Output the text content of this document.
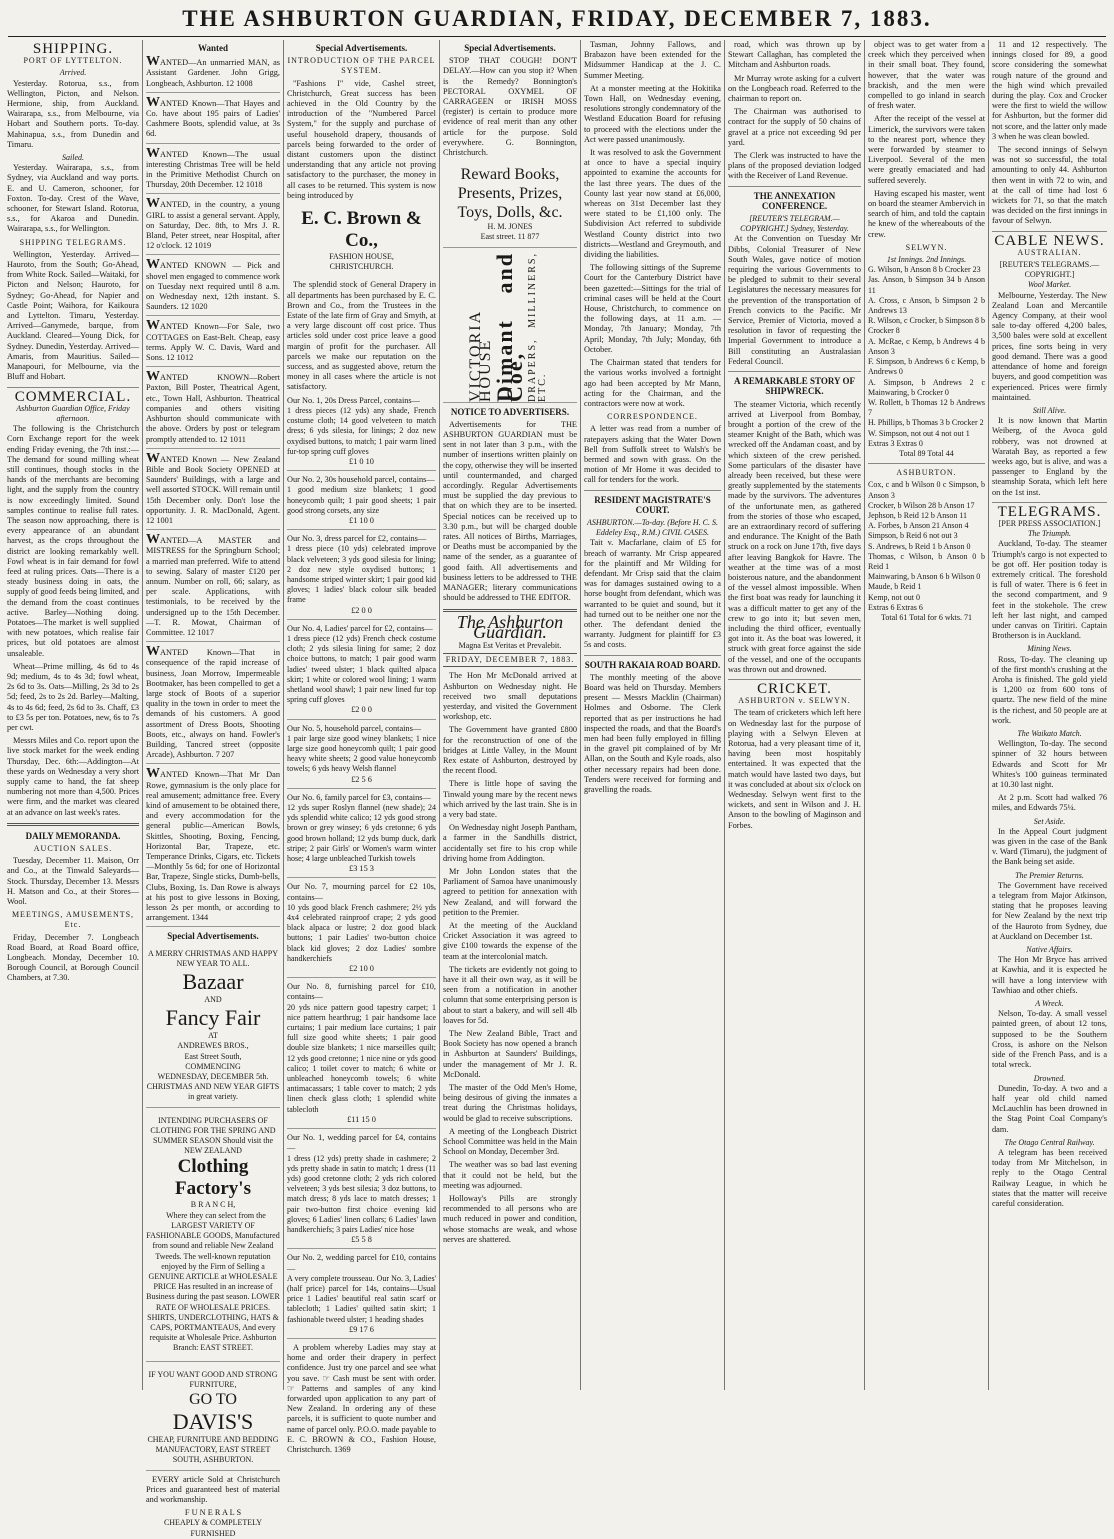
THE ASHBURTON GUARDIAN, FRIDAY, DECEMBER 7, 1883.
SHIPPING.
PORT OF LYTTELTON.
Arrived.

Yesterday. Rotorua, s.s., from Wellington, Picton, and Nelson. Hermione, ship, from Auckland. Wairarapa, s.s., from Melbourne, via Hobart and Southern ports. To-day. Mahinapua, s.s., from Dunedin and Timaru.

Sailed.

Yesterday. Wairarapa, s.s., from Sydney, via Auckland and way ports. E. and U. Cameron, schooner, for Foxton. To-day. Crest of the Wave, schooner, for Stewart Island. Rotorua, s.s., for Akaroa and Dunedin. Wairarapa, s.s., for Wellington.

SHIPPING TELEGRAMS.

Wellington, Yesterday. Arrived—Hauroto, from the South; Go-Ahead, from White Rock. Sailed—Waitaki, for Picton and Nelson; Hauroto, for Sydney; Go-Ahead, for Napier and Castle Point; Waihora, for Kaikoura and Lyttelton. Timaru, Yesterday. Arrived—Ganymede, barque, from Auckland. Cleared—Young Dick, for Sydney. Dunedin, Yesterday. Arrived—Amaris, from Mauritius. Sailed—Manapouri, for Melbourne, via the Bluff and Hobart.

COMMERCIAL.
Ashburton Guardian Office, Friday afternoon.

The following is the Christchurch Corn Exchange report for the week ending Friday evening, the 7th inst.:—The demand for sound milling wheat still continues, though stocks in the hands of the merchants are becoming light, and the supply from the country is now exceedingly limited. Sound samples continue to realise full rates. The season now approaching, there is every appearance of an abundant harvest, as the crops throughout the district are looking remarkably well. Fowl wheat is in fair demand for fowl feed at ruling prices. Oats—There is a steady business doing in oats, the supply of good feeds being limited, and the demand from the coast continues active. Barley—Nothing doing. Potatoes—The market is well supplied with new potatoes, which realise fair prices, but old potatoes are almost unsaleable.

Wheat—Prime milling, 4s 6d to 4s 9d; medium, 4s to 4s 3d; fowl wheat, 2s 6d to 3s. Oats—Milling, 2s 3d to 2s 5d; feed, 2s to 2s 2d. Barley—Malting, 4s to 4s 6d; feed, 2s 6d to 3s. Chaff, £3 to £3 5s per ton. Potatoes, new, 6s to 7s per cwt.

Messrs Miles and Co. report upon the live stock market for the week ending Thursday, Dec. 6th:—Addington—At these yards on Wednesday a very short supply came to hand, the fat sheep numbering not more than 4,500. Prices were firm, and the market was cleared at an advance on last week's rates.

DAILY MEMORANDA.
AUCTION SALES.

Tuesday, December 11. Maison, Orr and Co., at the Tinwald Saleyards—Stock. Thursday, December 13. Messrs H. Matson and Co., at their Stores—Wool.

MEETINGS, AMUSEMENTS, Etc.

Friday, December 7. Longbeach Road Board, at Road Board office, Longbeach. Monday, December 10. Borough Council, at Borough Council Chambers, at 7.30.

Wanted
WANTED—An unmarried MAN, as Assistant Gardener. John Grigg, Longbeach, Ashburton. 12 1008
WANTED Known—That Hayes and Co. have about 195 pairs of Ladies' Cashmere Boots, splendid value, at 3s 6d.
WANTED Known—The usual interesting Christmas Tree will be held in the Primitive Methodist Church on Thursday, 20th December. 12 1018
WANTED, in the country, a young GIRL to assist a general servant. Apply, on Saturday, Dec. 8th, to Mrs J. R. Bland, Peter street, near Hospital, after 12 o'clock. 12 1019
WANTED KNOWN — Pick and shovel men engaged to commence work on Tuesday next required until 8 a.m. on Wednesday next, 12th instant. S. Saunders. 12 1020
WANTED Known—For Sale, two COTTAGES on East-Belt. Cheap, easy terms. Apply W. C. Davis, Ward and Sons. 12 1012
WANTED KNOWN—Robert Paxton, Bill Poster, Theatrical Agent, etc., Town Hall, Ashburton. Theatrical companies and others visiting Ashburton should communicate with the above. Orders by post or telegram promptly attended to. 12 1011
WANTED Known — New Zealand Bible and Book Society OPENED at Saunders' Buildings, with a large and well assorted STOCK. Will remain until 15th December only. Don't lose the opportunity. J. R. MacDonald, Agent. 12 1001
WANTED—A MASTER and MISTRESS for the Springburn School; a married man preferred. Wife to attend to sewing. Salary of master £120 per annum. Number on roll, 66; salary, as per scale. Applications, with testimonials, to be received by the undersigned up to the 15th December.—T. R. Mowat, Chairman of Committee. 12 1017
WANTED Known—That in consequence of the rapid increase of business, Joan Morrow, Impermeable Bootmaker, has been compelled to get a large stock of Boots of a superior quality in the town in order to meet the demands of his customers. A good assortment of Dress Boots, Shooting Boots, etc., always on hand. Fowler's Building, Tancred street (opposite Arcade), Ashburton. 7 207
WANTED Known—That Mr Dan Rowe, gymnasium is the only place for real amusement; admittance free. Every kind of amusement to be obtained there, and every accommodation for the general public—American Bowls, Skittles, Shooting, Boxing, Fencing, Horizontal Bar, Trapeze, etc. Temperance Drinks, Cigars, etc. Tickets—Monthly 5s 6d; for one of Horizontal Bar, Trapeze, Single sticks, Dumb-bells, Clubs, Boxing, 1s. Dan Rowe is always at his post to give lessons in Boxing, lesson 2s per month, or according to arrangement. 1344
Special Advertisements.
A MERRY CHRISTMAS AND HAPPY NEW YEAR TO ALL.
Bazaar
AND
Fancy Fair
AT
ANDREWES BROS.,
East Street South,
COMMENCING
WEDNESDAY, DECEMBER 5th.
CHRISTMAS AND NEW YEAR GIFTS in great variety.
INTENDING PURCHASERS OF CLOTHING FOR THE SPRING AND SUMMER SEASON Should visit the NEW ZEALAND
Clothing Factory's
B R A N C H,

Where they can select from the LARGEST VARIETY OF FASHIONABLE GOODS, Manufactured from sound and reliable New Zealand Tweeds. The well-known reputation enjoyed by the Firm of Selling a GENUINE ARTICLE at WHOLESALE PRICE Has resulted in an increase of Business during the past season. LOWER RATE OF WHOLESALE PRICES. SHIRTS, UNDERCLOTHING, HATS & CAPS, PORTMANTEAUS, And every requisite at Wholesale Price. Ashburton Branch: EAST STREET.

IF YOU WANT GOOD AND STRONG FURNITURE,
GO TO
DAVIS'S
CHEAP, FURNITURE AND BEDDING MANUFACTORY, EAST STREET SOUTH, ASHBURTON.

EVERY article Sold at Christchurch Prices and guaranteed best of material and workmanship.

F U N E R A L S
CHEAPLY & COMPLETELY FURNISHED
Special Advertisements.
INTRODUCTION OF THE PARCEL SYSTEM.

"Fashions I" vide, Cashel street, Christchurch, Great success has been achieved in the Old Country by the introduction of the "Numbered Parcel System," for the supply and purchase of useful household drapery, thousands of parcels being forwarded to the order of distant customers upon the distinct understanding that any article not proving satisfactory to the purchaser, the money in all cases to be returned. This system is now being introduced by

E. C. Brown & Co.,
FASHION HOUSE,
CHRISTCHURCH.

The splendid stock of General Drapery in all departments has been purchased by E. C. Brown and Co., from the Trustees in the Estate of the late firm of Gray and Smyth, at a very large discount off cost price. Thus articles sold under cost price leave a good margin of profit for the purchaser. All parcels we make our reputation on the success, and as suggested above, return the money in all cases where the article is not satisfactory.

Our No. 1, 20s Dress Parcel, contains—
1 dress pieces (12 yds) any shade, French costume cloth; 14 good velveteen to match dress; 6 yds silesia, for linings; 2 doz new oxydised buttons, to match; 1 pair warm lined fur-top spring cuff gloves
£1 0 10
Our No. 2, 30s household parcel, contains—
1 good medium size blankets; 1 good honeycomb quilt; 1 pair good sheets; 1 pair good strong corsets, any size
£1 10 0
Our No. 3, dress parcel for £2, contains—
1 dress piece (10 yds) celebrated improve black velveteen; 3 yds good silesia for lining; 2 doz new style oxydised buttons; 1 handsome striped winter skirt; 1 pair good kid gloves; 1 ladies' black colour silk beaded frame
£2 0 0
Our No. 4, Ladies' parcel for £2, contains—
1 dress piece (12 yds) French check costume cloth; 2 yds silesia lining for same; 2 doz choice buttons, to match; 1 pair good warm ladies' tweed ulster; 1 black quilted alpaca skirt; 1 white or colored wool lining; 1 warm shetland wool shawl; 1 pair new lined fur top spring cuff gloves
£2 0 0
Our No. 5, household parcel, contains—
1 pair large size good winey blankets; 1 nice large size good honeycomb quilt; 1 pair good heavy white sheets; 2 good value honeycomb towels; 6 yds heavy Welsh flannel
£2 5 6
Our No. 6, family parcel for £3, contains—
12 yds super Roslyn flannel (new shade); 24 yds splendid white calico; 12 yds good strong brown or grey winsey; 6 yds cretonne; 6 yds good brown holland; 12 yds bump duck, dark stripe; 2 pair Girls' or Women's warm winter hose; 4 large unbleached Turkish towels
£3 15 3
Our No. 7, mourning parcel for £2 10s, contains—
10 yds good black French cashmere; 2½ yds 4x4 celebrated rainproof crape; 2 yds good black alpaca or lustre; 2 doz good black buttons; 1 pair Ladies' two-button choice black kid gloves; 2 doz Ladies' sombre handkerchiefs
£2 10 0
Our No. 8, furnishing parcel for £10, contains—
20 yds nice pattern good tapestry carpet; 1 nice pattern hearthrug; 1 pair handsome lace curtains; 1 pair medium lace curtains; 1 pair full size good white sheets; 1 pair good double size blankets; 1 nice marseilles quilt; 12 yds good cretonne; 1 nice nine or yds good calico; 1 toilet cover to match; 6 white or unbleached honeycomb towels; 6 white antimacassars; 1 table cover to match; 2 yds linen check glass cloth; 1 splendid white tablecloth
£11 15 0
Our No. 1, wedding parcel for £4, contains—
1 dress (12 yds) pretty shade in cashmere; 2 yds pretty shade in satin to match; 1 dress (11 yds) good cretonne cloth; 2 yds rich colored velveteen; 3 yds best silesia; 3 doz buttons, to match dress; 8 yds lace to match dresses; 1 pair two-button first choice evening kid gloves; 6 Ladies' linen collars; 6 Ladies' lawn handkerchiefs; 3 pairs Ladies' nice hose
£5 5 8
Our No. 2, wedding parcel for £10, contains—
A very complete trousseau. Our No. 3, Ladies' (half price) parcel for 14s, contains—Usual price 1 Ladies' beautiful real satin scarf or tablecloth; 1 Ladies' quilted satin skirt; 1 fashionable tweed ulster; 1 heading shades
£9 17 6

A problem whereby Ladies may stay at home and order their drapery in perfect confidence. Just try one parcel and see what you save. ☞ Cash must be sent with order. ☞ Patterns and samples of any kind forwarded upon application to any part of New Zealand. In ordering any of these parcels, it is sufficient to quote number and name of parcel only. P.O.O. made payable to E. C. BROWN & CO., Fashion House, Christchurch. 1369

Special Advertisements.

STOP THAT COUGH! DON'T DELAY.—How can you stop it? When is the Remedy? Bonnington's PECTORAL OXYMEL OF CARRAGEEN or IRISH MOSS (register) is certain to produce more evidence of real merit than any other article for the purpose. Sold everywhere. G. Bonnington, Christchurch.

Reward Books,
Presents, Prizes,
Toys, Dolls, &c.
H. M. JONES
East street. 11 877
VICTORIA HOUSE
Dimant and Coe, DRAPERS, MILLINERS, ETC.
NOTICE TO ADVERTISERS.

Advertisements for THE ASHBURTON GUARDIAN must be sent in not later than 3 p.m., with the number of insertions written plainly on the copy, otherwise they will be inserted until countermanded, and charged accordingly. Regular Advertisements must be supplied the day previous to that on which they are to be inserted. Special notices can be received up to 3.30 p.m., but will be charged double rates. All notices of Births, Marriages, or Deaths must be accompanied by the name of the sender, as a guarantee of good faith. All advertisements and business letters to be addressed to THE MANAGER; literary communications should be addressed to THE EDITOR.

The Ashburton Guardian.
Magna Est Veritas et Prevalebit.
FRIDAY, DECEMBER 7, 1883.

The Hon Mr McDonald arrived at Ashburton on Wednesday night. He received two small deputations yesterday, and visited the Government workshop, etc.

The Government have granted £800 for the reconstruction of one of the bridges at Little Valley, in the Mount Rex estate of Ashburton, destroyed by the recent flood.

There is little hope of saving the Tinwald young mare by the recent news which arrived by the last train. She is in a very bad state.

On Wednesday night Joseph Pantham, a farmer in the Sandhills district, accidentally set fire to his crop while driving home from Addington.

Mr John London states that the Parliament of Samoa have unanimously agreed to petition for annexation with New Zealand, and will forward the petition to the Premier.

At the meeting of the Auckland Cricket Association it was agreed to give £100 towards the expense of the team at the intercolonial match.

The tickets are evidently not going to have it all their own way, as it will be seen from a notification in another column that some enterprising person is about to start a bakery, and will sell 4lb loaves for 5d.

The New Zealand Bible, Tract and Book Society has now opened a branch in Ashburton at Saunders' Buildings, under the management of Mr J. R. McDonald.

The master of the Odd Men's Home, being desirous of giving the inmates a treat during the Christmas holidays, would be glad to receive subscriptions.

A meeting of the Longbeach District School Committee was held in the Main School on Monday, December 3rd.

The weather was so bad last evening that it could not be held, but the meeting was adjourned.

Holloway's Pills are strongly recommended to all persons who are much reduced in power and condition, whose stomachs are weak, and whose nerves are shattered.

Tasman, Johnny Fallows, and Brabazon have been extended for the Midsummer Handicap at the J. C. Summer Meeting.

At a monster meeting at the Hokitika Town Hall, on Wednesday evening, resolutions strongly condemnatory of the Westland Education Board for refusing to proceed with the elections under the Act were passed unanimously.

It was resolved to ask the Government at once to have a special inquiry appointed to examine the accounts for the last three years. The dues of the County last year now stand at £6,000, whereas on 31st December last they were stated to be £1,100 only. The Subdivision Act referred to subdivide Westland County district into two districts—Westland and Greymouth, and dividing the liabilities.

The following sittings of the Supreme Court for the Canterbury District have been gazetted:—Sittings for the trial of criminal cases will be held at the Court House, Christchurch, to commence on the following days, at 11 a.m. — Monday, 7th January; Monday, 7th April; Monday, 7th July; Monday, 6th October.

The Chairman stated that tenders for the various works involved a fortnight ago had been accepted by Mr Mann, acting for the Chairman, and the contractors were now at work.

CORRESPONDENCE.

A letter was read from a number of ratepayers asking that the Water Down Bell from Suffolk street to Walsh's be bermed and sown with grass. On the motion of Mr Home it was decided to call for tenders for the work.

RESIDENT MAGISTRATE'S COURT.
ASHBURTON.—To-day. (Before H. C. S. Eddeley Esq., R.M.) CIVIL CASES.

Tait v. Macfarlane, claim of £5 for breach of warranty. Mr Crisp appeared for the plaintiff and Mr Wilding for defendant. Mr Crisp said that the claim was for damages sustained owing to a horse bought from defendant, which was warranted to be quiet and sound, but it had turned out to be neither one nor the other. The defendant denied the warranty. Judgment for plaintiff for £3 5s and costs.

SOUTH RAKAIA ROAD BOARD.

The monthly meeting of the above Board was held on Thursday. Members present — Messrs Macklin (Chairman) Holmes and Osborne. The Clerk reported that as per instructions he had inspected the roads, and that the Board's men had been fully employed in filling in the gravel pit complained of by Mr Allan, on the South and Kyle roads, also other necessary repairs had been done. Tenders were received for forming and gravelling the roads.

road, which was thrown up by Stewart Callaghan, has completed the Mitcham and Ashburton roads.

Mr Murray wrote asking for a culvert on the Longbeach road. Referred to the chairman to report on.

The Chairman was authorised to contract for the supply of 50 chains of gravel at a price not exceeding 9d per yard.

The Clerk was instructed to have the plans of the proposed deviation lodged with the Receiver of Land Revenue.

THE ANNEXATION CONFERENCE.
[REUTER'S TELEGRAM.—COPYRIGHT.] Sydney, Yesterday.

At the Convention on Tuesday Mr Dibbs, Colonial Treasurer of New South Wales, gave notice of motion requiring the various Governments to be pledged to submit to their several Legislatures the necessary measures for the prevention of the transportation of French convicts to the Pacific. Mr Service, Premier of Victoria, moved a resolution in favor of requesting the Imperial Government to introduce a Bill constituting an Australasian Federal Council.

A REMARKABLE STORY OF SHIPWRECK.

The steamer Victoria, which recently arrived at Liverpool from Bombay, brought a portion of the crew of the steamer Knight of the Bath, which was wrecked off the Andaman coast, and by which sixteen of the crew perished. Some particulars of the disaster have already been received, but these were greatly supplemented by the statements made by the survivors. The adventures of the unfortunate men, as gathered from the stories of those who escaped, are an extraordinary record of suffering and endurance. The Knight of the Bath struck on a rock on June 17th, five days after leaving Bangkok for Havre. The weather at the time was of a most boisterous nature, and the abandonment of the vessel almost impossible. When the first boat was ready for launching it was a difficult matter to get any of the crew to go into it; but seven men, including the third officer, eventually got into it. As the boat was lowered, it struck with great force against the side of the vessel, and one of the occupants was thrown out and drowned.

CRICKET.
ASHBURTON v. SELWYN.

The team of cricketers which left here on Wednesday last for the purpose of playing with a Selwyn Eleven at Rotorua, had a very pleasant time of it, having been most hospitably entertained. It was expected that the match would have lasted two days, but it was concluded at about six o'clock on Wednesday. Selwyn went first to the wickets, and sent in Wilson and J. H. Anson to the bowling of Maginson and Forbes.

object was to get water from a creek which they perceived when in their small boat. They found, however, that the water was brackish, and the men were compelled to go inland in search of fresh water.

After the receipt of the vessel at Limerick, the survivors were taken to the nearest port, whence they were forwarded by steamer to Liverpool. Several of the men were greatly emaciated and had suffered severely.

Having escaped his master, went on board the steamer Ambervich in search of him, and told the captain he knew of the whereabouts of the crew.

SELWYN.
1st Innings. 2nd Innings.
G. Wilson, b Anson 8 b Crocker 23
Jas. Anson, b Simpson 34 b Anson 11
A. Cross, c Anson, b Simpson 2 b Andrews 13
R. Wilson, c Crocker, b Simpson 8 b Crocker 8
A. McRae, c Kemp, b Andrews 4 b Anson 3
F. Simpson, b Andrews 6 c Kemp, b Andrews 0
A. Simpson, b Andrews 2 c Mainwaring, b Crocker 0
W. Rollett, b Thomas 12 b Andrews 7
H. Phillips, b Thomas 3 b Crocker 2
W. Simpson, not out 4 not out 1
Extras 3 Extras 0
Total 89 Total 44
ASHBURTON.
Cox, c and b Wilson 0 c Simpson, b Anson 3
Crocker, b Wilson 28 b Anson 17
Jephson, b Reid 12 b Anson 11
A. Forbes, b Anson 21 Anson 4
Simpson, b Reid 6 not out 3
S. Andrews, b Reid 1 b Anson 0
Thomas, c Wilson, b Anson 0 b Reid 1
Mainwaring, b Anson 6 b Wilson 0
Maude, b Reid 1
Kemp, not out 0
Extras 6 Extras 6
Total 61 Total for 6 wkts. 71

11 and 12 respectively. The innings closed for 89, a good score considering the somewhat rough nature of the ground and the high wind which prevailed during the play. Cox and Crocker were the first to wield the willow for Ashburton, but the former did not score, and the latter only made 3 when he was clean bowled.

The second innings of Selwyn was not so successful, the total amounting to only 44. Ashburton then went in with 72 to win, and at the call of time had lost 6 wickets for 71, so that the match was decided on the first innings in favour of Selwyn.

CABLE NEWS.
AUSTRALIAN.
[REUTER'S TELEGRAMS.—COPYRIGHT.]
Wool Market.

Melbourne, Yesterday. The New Zealand Loan and Mercantile Agency Company, at their wool sale to-day offered 4,200 bales, 3,500 bales were sold at excellent prices, fine sorts being in very good demand. There was a good attendance of home and foreign buyers, and good competition was experienced. Prices were firmly maintained.

Still Alive.

It is now known that Martin Weiberg, of the Avoca gold robbery, was not drowned at Waratah Bay, as reported a few weeks ago, but is alive, and was a passenger to England by the steamship Sorata, which left here on the 1st inst.

TELEGRAMS.
[PER PRESS ASSOCIATION.]
The Triumph.

Auckland, To-day. The steamer Triumph's cargo is not expected to be got off. Her position today is extremely critical. The foreshold is full of water. There is 6 feet in the second compartment, and 9 feet in the stokehole. The crew left her last night, and camped under canvas on Tiritiri. Captain Brotherson is in Auckland.

Mining News.

Ross, To-day. The cleaning up of the first month's crushing at the Aroha is finished. The gold yield is 1,200 oz from 600 tons of quartz. The new field of the mine is the richest, and 50 people are at work.

The Waikato Match.

Wellington, To-day. The second spinner of 32 hours between Edwards and Scott for Mr Whites's 100 guineas terminated at 10.30 last night.

At 2 p.m. Scott had walked 76 miles, and Edwards 75¼.

Set Aside.

In the Appeal Court judgment was given in the case of the Bank v. Ward (Timaru), the judgment of the Bank being set aside.

The Premier Returns.

The Government have received a telegram from Major Atkinson, stating that he proposes leaving for New Zealand by the next trip of the Hauroto from Sydney, due at Auckland on December 1st.

Native Affairs.

The Hon Mr Bryce has arrived at Kawhia, and it is expected he will have a long interview with Tawhiao and other chiefs.

A Wreck.

Nelson, To-day. A small vessel painted green, of about 12 tons, supposed to be the Southern Cross, is ashore on the Nelson side of the French Pass, and is a total wreck.

Drowned.

Dunedin, To-day. A two and a half year old child named McLauchlin has been drowned in the Stag Point Coal Company's dam.

The Otago Central Railway.

A telegram has been received today from Mr Mitchelson, in reply to the Otago Central Railway League, in which he states that the matter will receive careful consideration.
